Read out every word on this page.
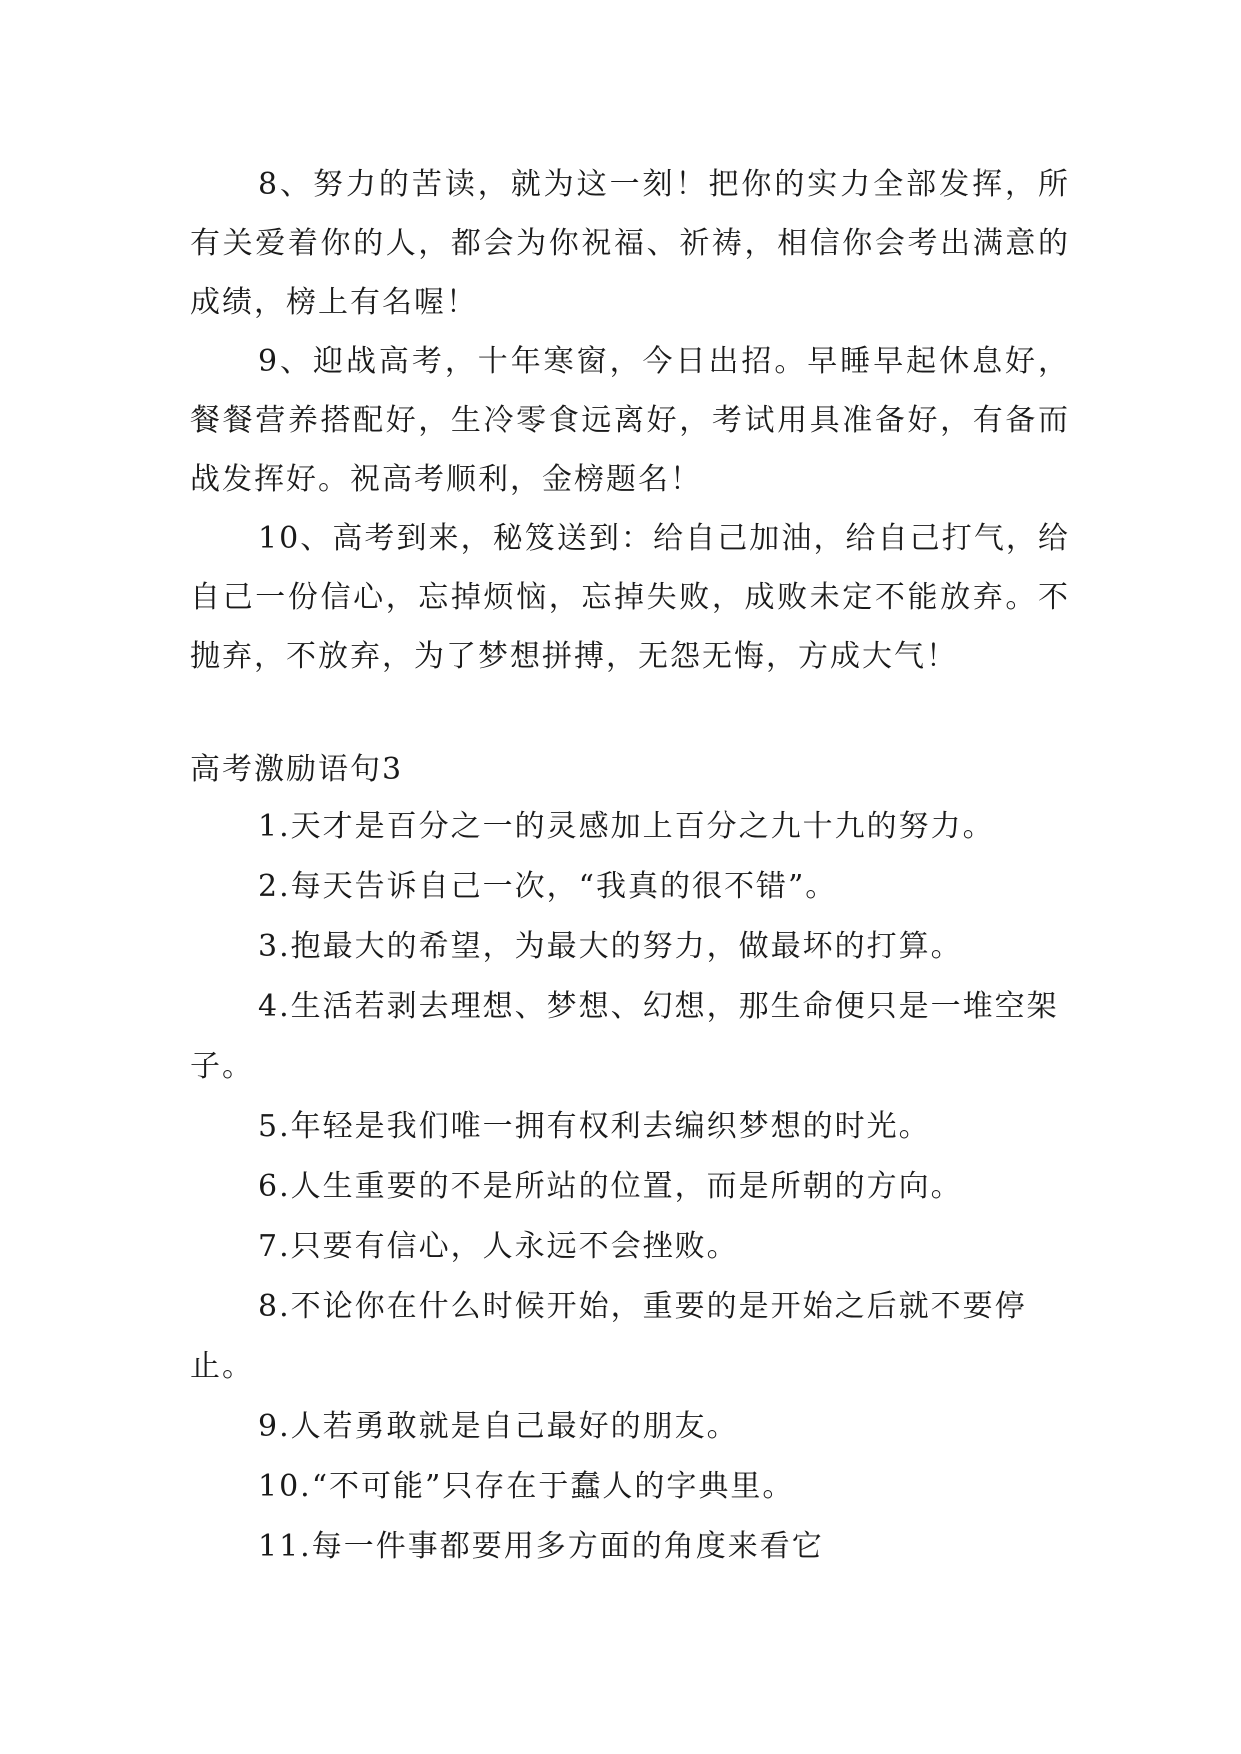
8、努力的苦读，就为这一刻！把你的实力全部发挥，所有关爱着你的人，都会为你祝福、祈祷，相信你会考出满意的成绩，榜上有名喔！

9、迎战高考，十年寒窗，今日出招。早睡早起休息好，餐餐营养搭配好，生冷零食远离好，考试用具准备好，有备而战发挥好。祝高考顺利，金榜题名！

10、高考到来，秘笈送到：给自己加油，给自己打气，给自己一份信心，忘掉烦恼，忘掉失败，成败未定不能放弃。不抛弃，不放弃，为了梦想拼搏，无怨无悔，方成大气！

高考激励语句3
1.天才是百分之一的灵感加上百分之九十九的努力。
2.每天告诉自己一次，“我真的很不错”。
3.抱最大的希望，为最大的努力，做最坏的打算。
4.生活若剥去理想、梦想、幻想，那生命便只是一堆空架子。
5.年轻是我们唯一拥有权利去编织梦想的时光。
6.人生重要的不是所站的位置，而是所朝的方向。
7.只要有信心，人永远不会挫败。
8.不论你在什么时候开始，重要的是开始之后就不要停止。
9.人若勇敢就是自己最好的朋友。
10.“不可能”只存在于蠢人的字典里。
11.每一件事都要用多方面的角度来看它
